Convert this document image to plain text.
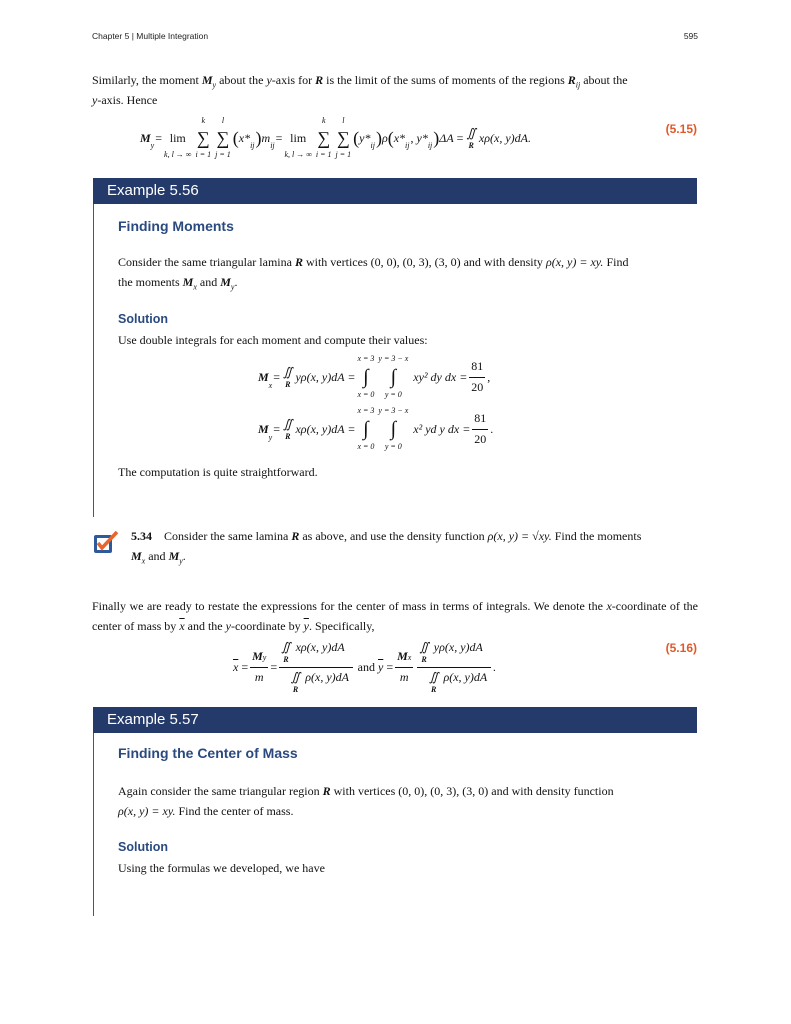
Chapter 5 | Multiple Integration	595
Similarly, the moment $M_y$ about the y-axis for R is the limit of the sums of moments of the regions $R_{ij}$ about the
y-axis. Hence
M
$_y$
=
lim
k, l → ∞
k
∑
i = 1
l
∑
j = 1
( x*
$_{ij}$ ) m
$_{ij}$
=
lim
k, l → ∞
k
∑
i = 1
l
∑
j = 1
( y*
$_{ij}$ ) ρ ( x*
$_{ij}$
,
y*
$_{ij}$ ) ΔA
=
∬
R
xρ(x, y)dA.
(5.15)
Example 5.56
Finding Moments
Consider the same triangular lamina R with vertices (0, 0), (0, 3), (3, 0) and with density ρ(x, y) = xy. Find
the moments $M_x$ and $M_y$.
Solution
Use double integrals for each moment and compute their values:
M
$_x$
=
∬
R
yρ(x, y)dA =
x = 3
∫
x = 0
y = 3 − x
∫
y = 0

xy² dy dx = $\frac{81}{20}$ ,
M
$_y$
=
∬
R
xρ(x, y)dA =
x = 3
∫
x = 0
y = 3 − x
∫
y = 0

x² yd y dx = $\frac{81}{20}$ .
The computation is quite straightforward.
5.34 Consider the same lamina R as above, and use the density function ρ(x, y) = √xy. Find the moments
$M_x$ and $M_y$.
Finally we are ready to restate the expressions for the center of mass in terms of integrals. We denote the x-coordinate of the center of mass by $\overline{x}$ and the y-coordinate by $\overline{y}$. Specifically,
$\overline{x}$
= $\frac{My}{m}$ = ∬
R
xρ(x, y)dA
∬
R
ρ(x, y)dA
and
$\overline{y}$
= $\frac{Mx}{m}$ ∬
R
yρ(x, y)dA
∬
R
ρ(x, y)dA .
(5.16)
Example 5.57
Finding the Center of Mass
Again consider the same triangular region R with vertices (0, 0), (0, 3), (3, 0) and with density function
ρ(x, y) = xy. Find the center of mass.
Solution
Using the formulas we developed, we have
